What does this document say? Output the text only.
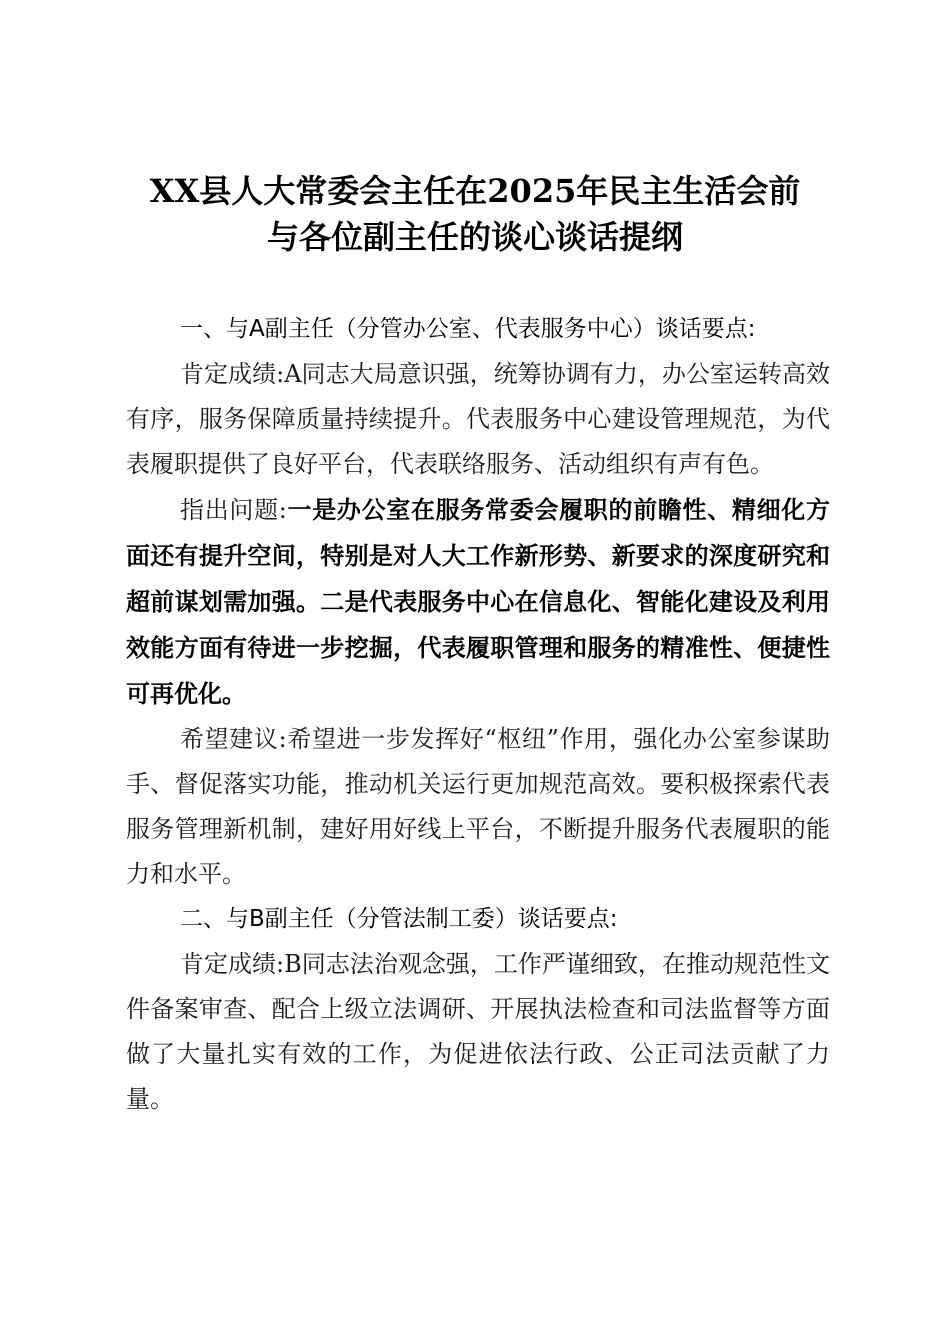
XX县人大常委会主任在2025年民主生活会前
与各位副主任的谈心谈话提纲

一、与A副主任（分管办公室、代表服务中心）谈话要点:

肯定成绩:A同志大局意识强，统筹协调有力，办公室运转高效有序，服务保障质量持续提升。代表服务中心建设管理规范，为代表履职提供了良好平台，代表联络服务、活动组织有声有色。

指出问题:一是办公室在服务常委会履职的前瞻性、精细化方面还有提升空间，特别是对人大工作新形势、新要求的深度研究和超前谋划需加强。二是代表服务中心在信息化、智能化建设及利用效能方面有待进一步挖掘，代表履职管理和服务的精准性、便捷性可再优化。

希望建议:希望进一步发挥好“枢纽”作用，强化办公室参谋助手、督促落实功能，推动机关运行更加规范高效。要积极探索代表服务管理新机制，建好用好线上平台，不断提升服务代表履职的能力和水平。

二、与B副主任（分管法制工委）谈话要点:

肯定成绩:B同志法治观念强，工作严谨细致，在推动规范性文件备案审查、配合上级立法调研、开展执法检查和司法监督等方面做了大量扎实有效的工作，为促进依法行政、公正司法贡献了力量。
